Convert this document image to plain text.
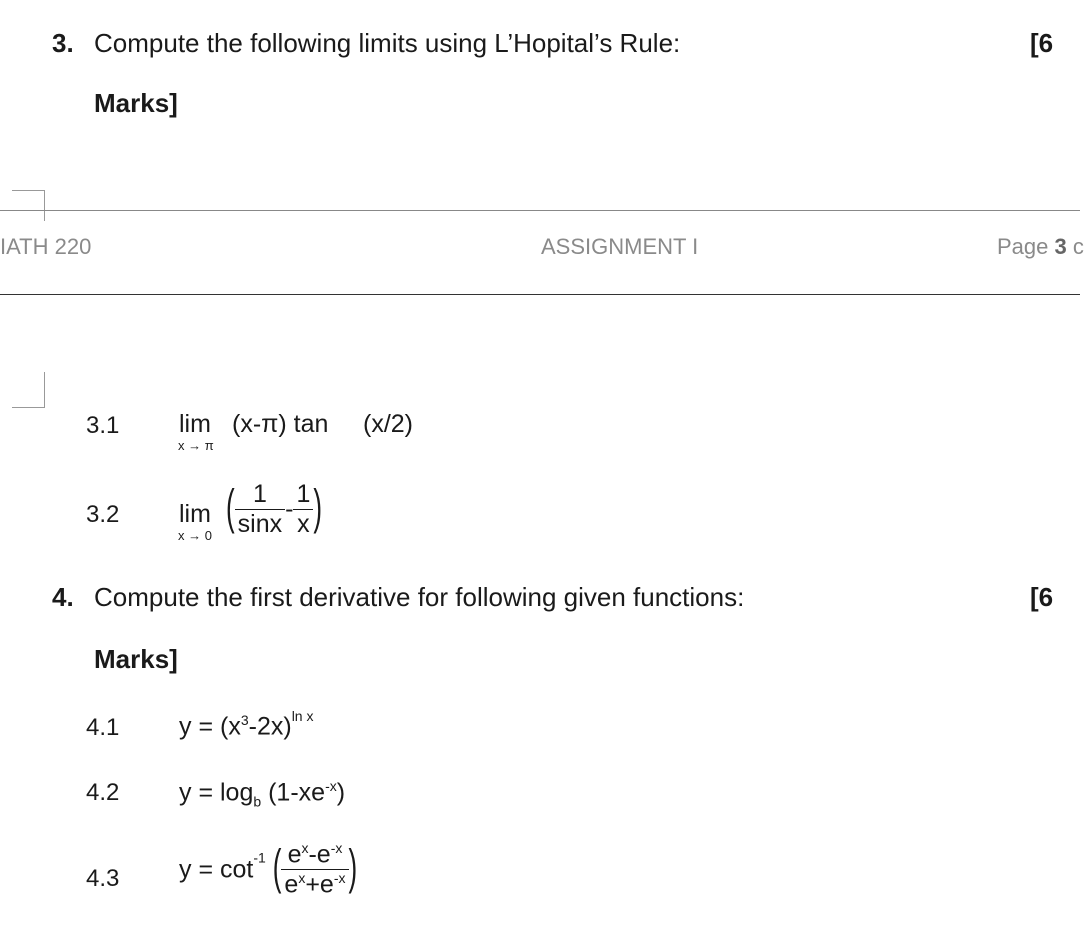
3. Compute the following limits using L’Hopital’s Rule:	[6
Marks]
IATH 220	ASSIGNMENT I	Page 3 c
3.1 lim
x → π
(x-π) tan (x/2)
3.2 lim
x → 0
( $\frac{1}{\sin x} - \frac{1}{x}$ )
4. Compute the first derivative for following given functions:	[6
Marks]
4.1 $y = (x^3-2x)^{ln x}$
4.2 $y = \log_b (1-xe^{-x})$
4.3 $y = \cot^{-1}$ ( $\frac{e^x-e^{-x}}{e^x+e^{-x}}$ )
